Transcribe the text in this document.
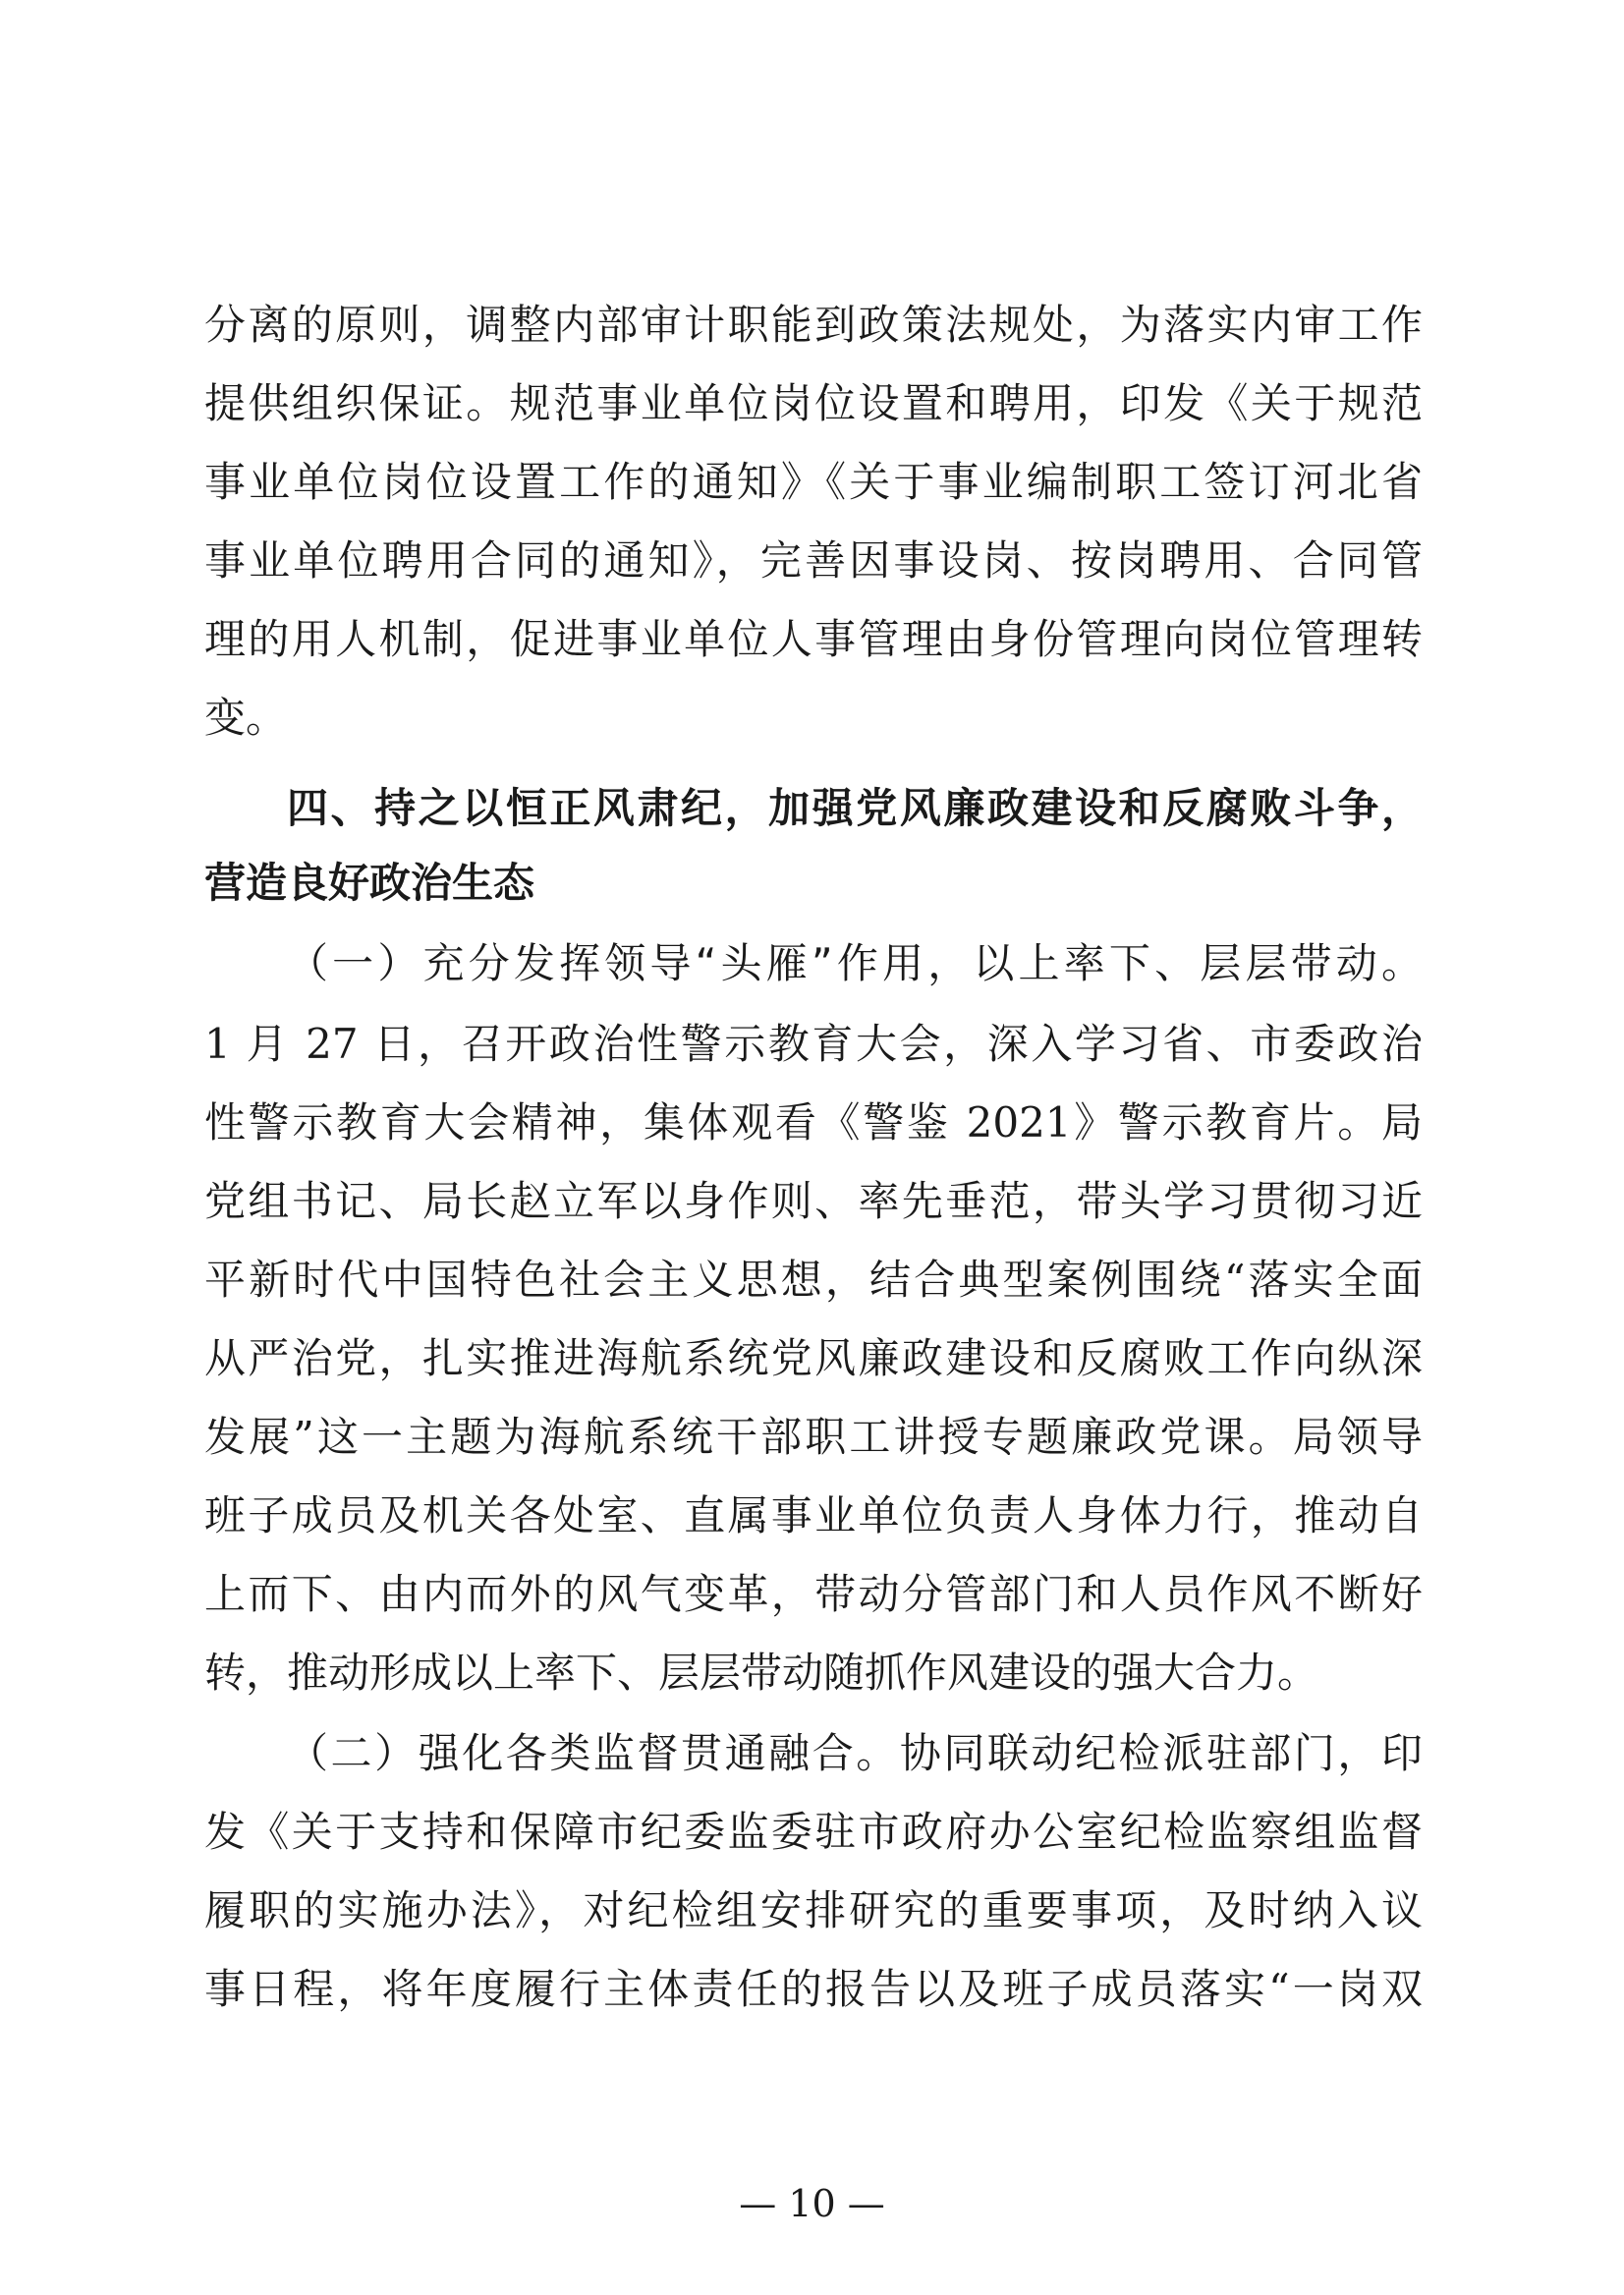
分离的原则，调整内部审计职能到政策法规处，为落实内审工作
提供组织保证。规范事业单位岗位设置和聘用，印发《关于规范
事业单位岗位设置工作的通知》《关于事业编制职工签订河北省
事业单位聘用合同的通知》，完善因事设岗、按岗聘用、合同管
理的用人机制，促进事业单位人事管理由身份管理向岗位管理转
变。
四、持之以恒正风肃纪，加强党风廉政建设和反腐败斗争，
营造良好政治生态
（一）充分发挥领导“头雁”作用，以上率下、层层带动。
1 月 27 日，召开政治性警示教育大会，深入学习省、市委政治
性警示教育大会精神，集体观看《警鉴 2021》警示教育片。局
党组书记、局长赵立军以身作则、率先垂范，带头学习贯彻习近
平新时代中国特色社会主义思想，结合典型案例围绕“落实全面
从严治党，扎实推进海航系统党风廉政建设和反腐败工作向纵深
发展”这一主题为海航系统干部职工讲授专题廉政党课。局领导
班子成员及机关各处室、直属事业单位负责人身体力行，推动自
上而下、由内而外的风气变革，带动分管部门和人员作风不断好
转，推动形成以上率下、层层带动随抓作风建设的强大合力。
（二）强化各类监督贯通融合。协同联动纪检派驻部门，印
发《关于支持和保障市纪委监委驻市政府办公室纪检监察组监督
履职的实施办法》，对纪检组安排研究的重要事项，及时纳入议
事日程，将年度履行主体责任的报告以及班子成员落实“一岗双
— 10 —
